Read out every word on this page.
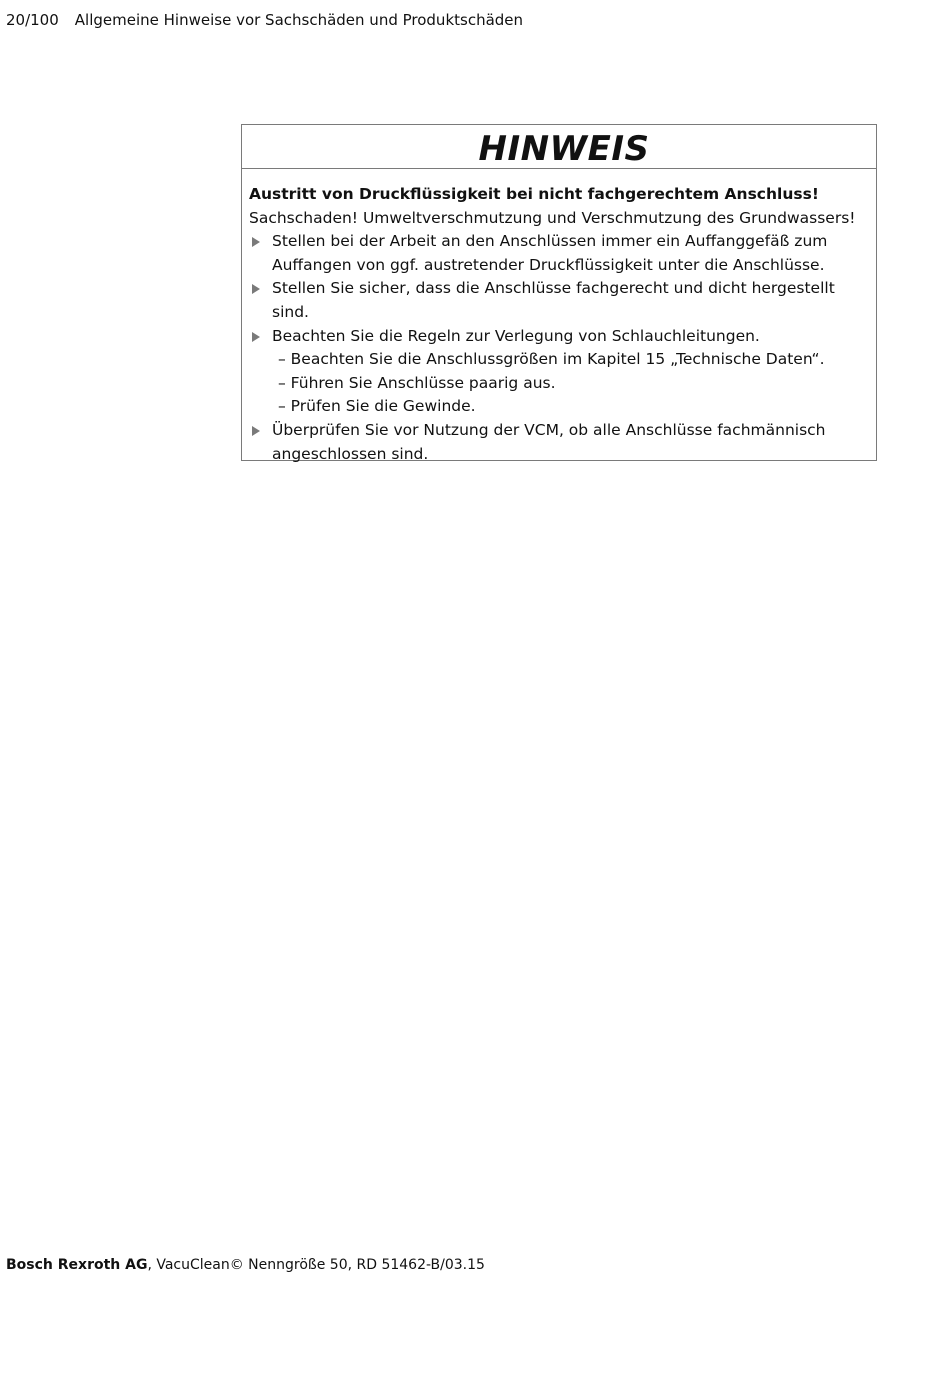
20/100 Allgemeine Hinweise vor Sachschäden und Produktschäden
HINWEIS
Austritt von Druckflüssigkeit bei nicht fachgerechtem Anschluss!
Sachschaden! Umweltverschmutzung und Verschmutzung des Grundwassers!
Stellen bei der Arbeit an den Anschlüssen immer ein Auffanggefäß zum Auffangen von ggf. austretender Druckflüssigkeit unter die Anschlüsse.
Stellen Sie sicher, dass die Anschlüsse fachgerecht und dicht hergestellt sind.
Beachten Sie die Regeln zur Verlegung von Schlauchleitungen.
– Beachten Sie die Anschlussgrößen im Kapitel 15 „Technische Daten“.
– Führen Sie Anschlüsse paarig aus.
– Prüfen Sie die Gewinde.
Überprüfen Sie vor Nutzung der VCM, ob alle Anschlüsse fachmännisch angeschlossen sind.
Bosch Rexroth AG, VacuClean© Nenngröße 50, RD 51462-B/03.15
